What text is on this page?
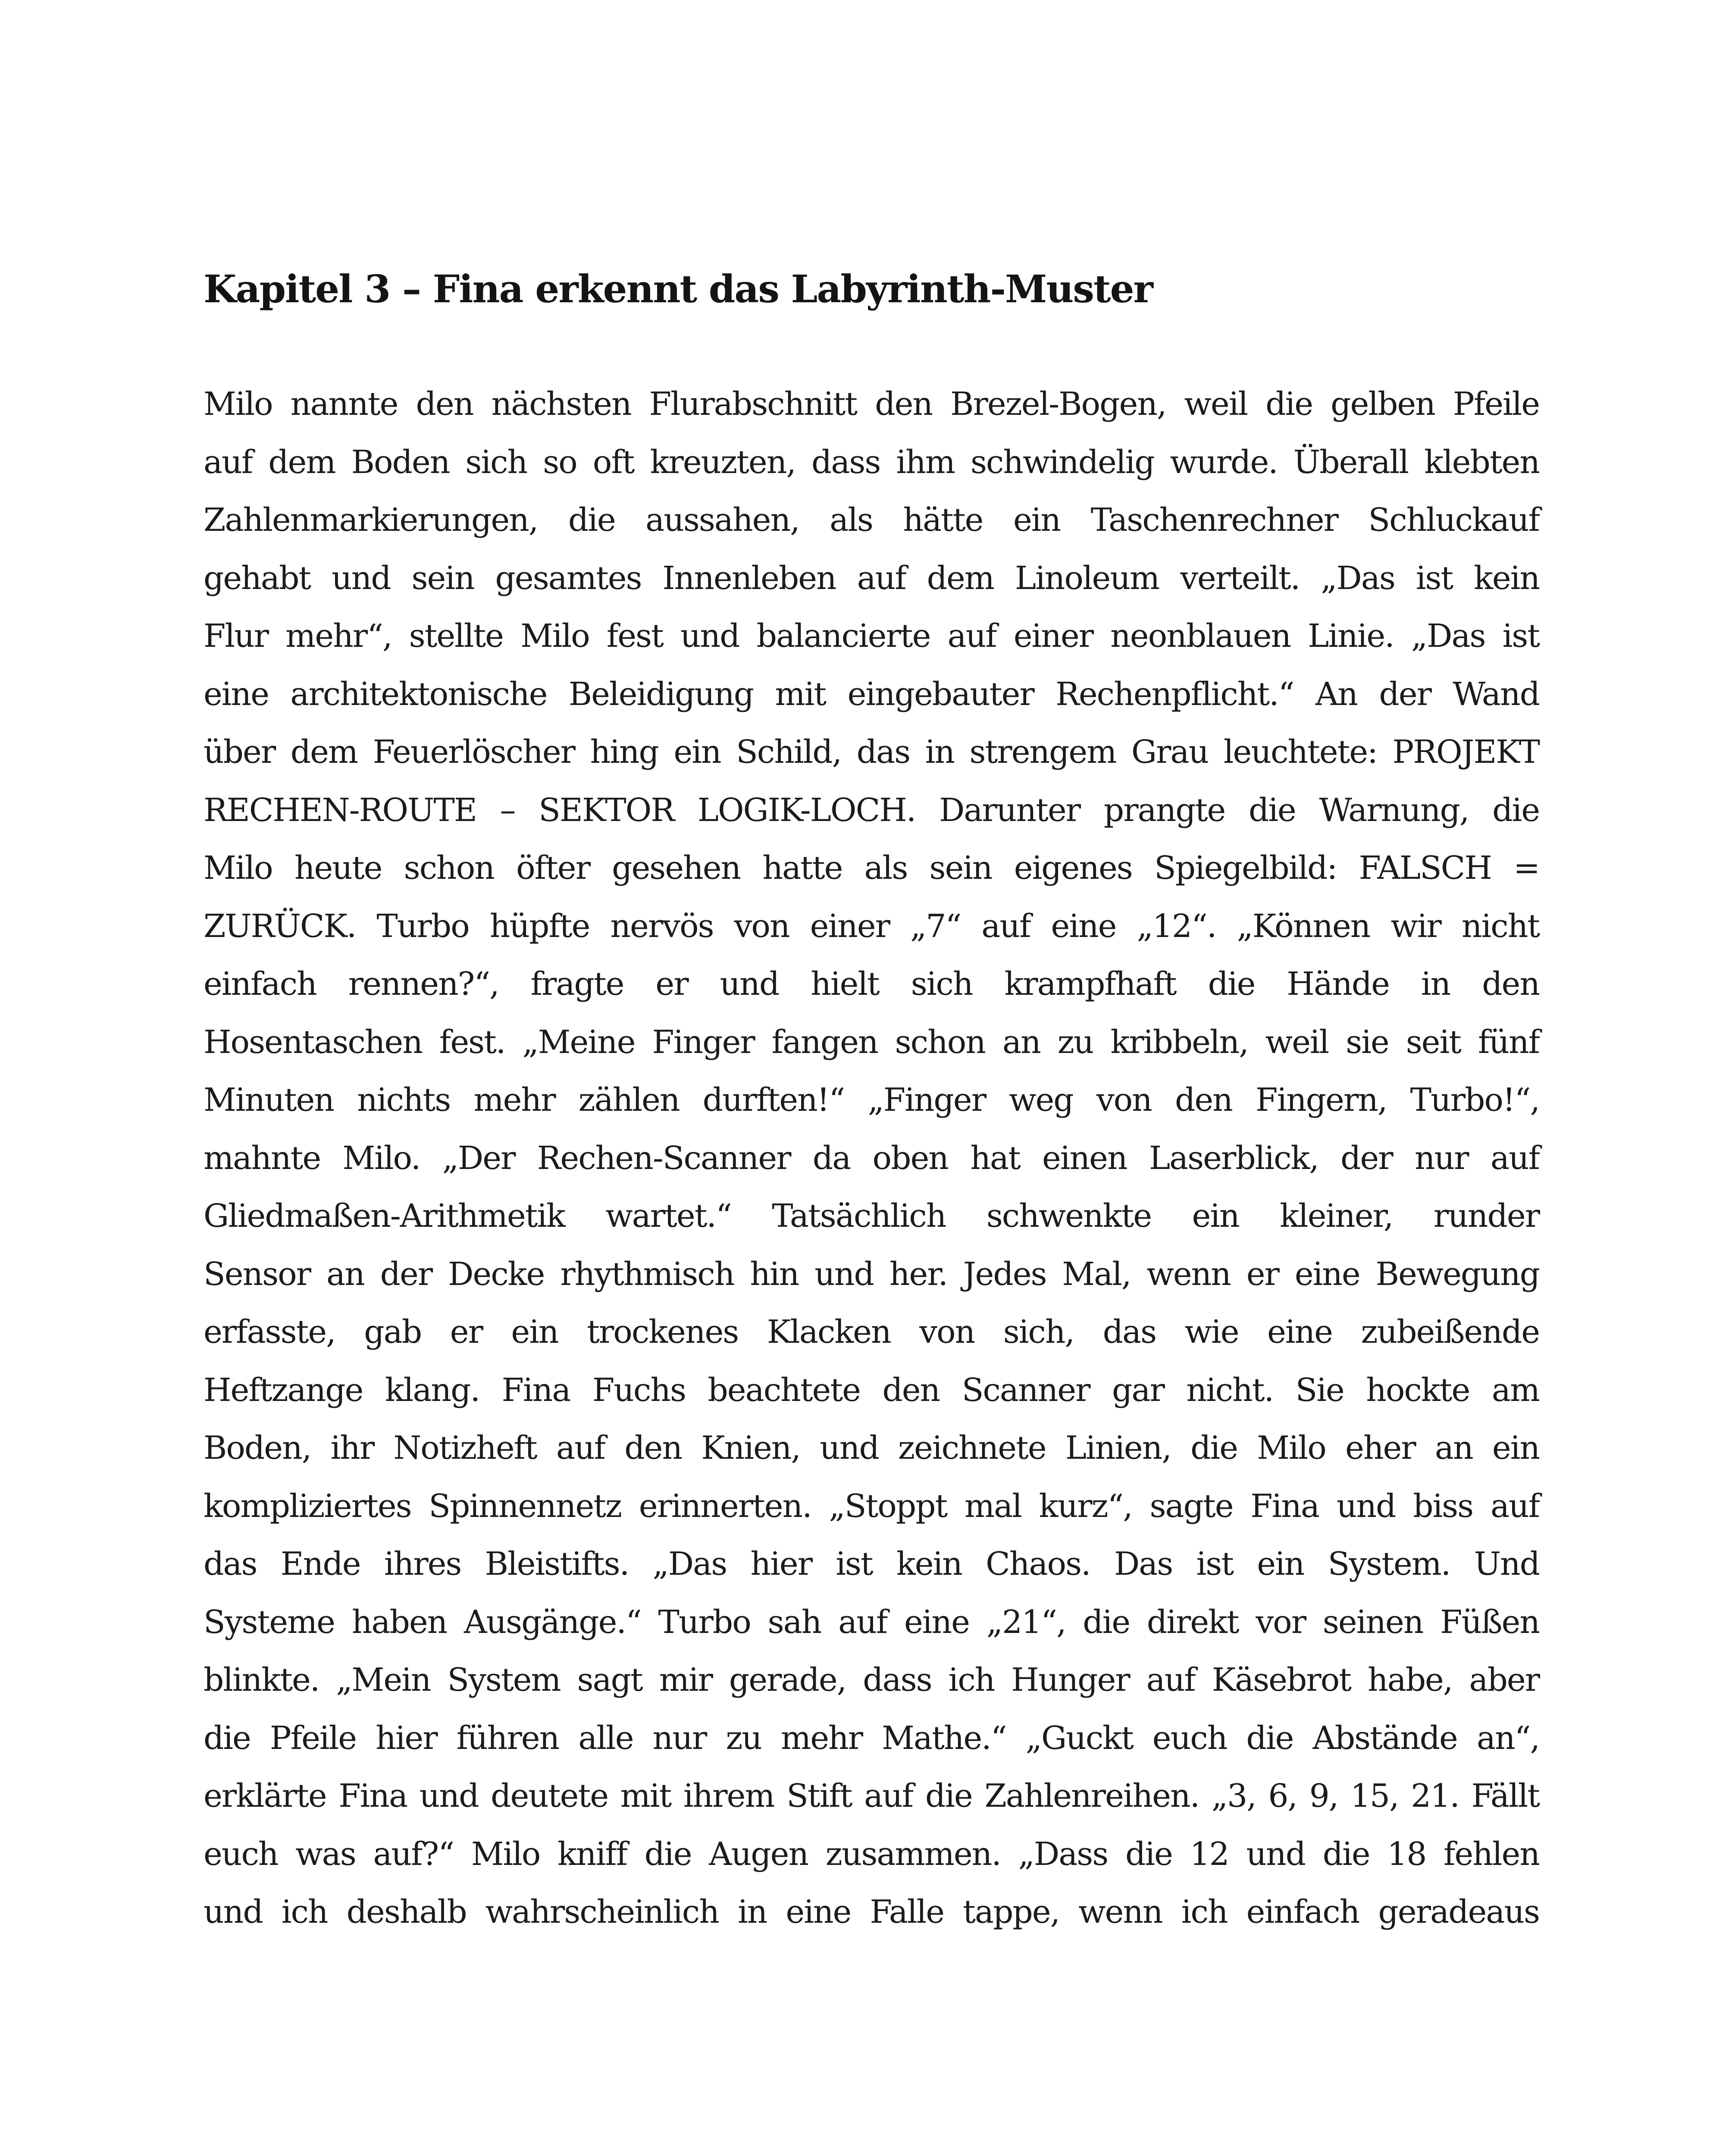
Kapitel 3 – Fina erkennt das Labyrinth-Muster
Milo nannte den nächsten Flurabschnitt den Brezel-Bogen, weil die gelben Pfeile
auf dem Boden sich so oft kreuzten, dass ihm schwindelig wurde. Überall klebten
Zahlenmarkierungen, die aussahen, als hätte ein Taschenrechner Schluckauf
gehabt und sein gesamtes Innenleben auf dem Linoleum verteilt. „Das ist kein
Flur mehr“, stellte Milo fest und balancierte auf einer neonblauen Linie. „Das ist
eine architektonische Beleidigung mit eingebauter Rechenpflicht.“ An der Wand
über dem Feuerlöscher hing ein Schild, das in strengem Grau leuchtete: PROJEKT
RECHEN-ROUTE – SEKTOR LOGIK-LOCH. Darunter prangte die Warnung, die
Milo heute schon öfter gesehen hatte als sein eigenes Spiegelbild: FALSCH =
ZURÜCK. Turbo hüpfte nervös von einer „7“ auf eine „12“. „Können wir nicht
einfach rennen?“, fragte er und hielt sich krampfhaft die Hände in den
Hosentaschen fest. „Meine Finger fangen schon an zu kribbeln, weil sie seit fünf
Minuten nichts mehr zählen durften!“ „Finger weg von den Fingern, Turbo!“,
mahnte Milo. „Der Rechen-Scanner da oben hat einen Laserblick, der nur auf
Gliedmaßen-Arithmetik wartet.“ Tatsächlich schwenkte ein kleiner, runder
Sensor an der Decke rhythmisch hin und her. Jedes Mal, wenn er eine Bewegung
erfasste, gab er ein trockenes Klacken von sich, das wie eine zubeißende
Heftzange klang. Fina Fuchs beachtete den Scanner gar nicht. Sie hockte am
Boden, ihr Notizheft auf den Knien, und zeichnete Linien, die Milo eher an ein
kompliziertes Spinnennetz erinnerten. „Stoppt mal kurz“, sagte Fina und biss auf
das Ende ihres Bleistifts. „Das hier ist kein Chaos. Das ist ein System. Und
Systeme haben Ausgänge.“ Turbo sah auf eine „21“, die direkt vor seinen Füßen
blinkte. „Mein System sagt mir gerade, dass ich Hunger auf Käsebrot habe, aber
die Pfeile hier führen alle nur zu mehr Mathe.“ „Guckt euch die Abstände an“,
erklärte Fina und deutete mit ihrem Stift auf die Zahlenreihen. „3, 6, 9, 15, 21. Fällt
euch was auf?“ Milo kniff die Augen zusammen. „Dass die 12 und die 18 fehlen
und ich deshalb wahrscheinlich in eine Falle tappe, wenn ich einfach geradeaus
